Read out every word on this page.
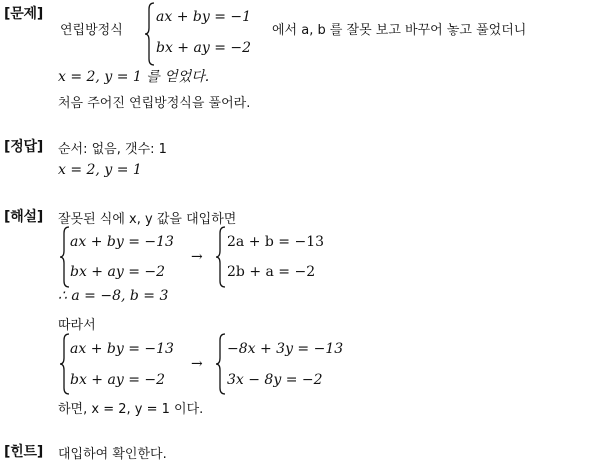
[문제]
연립방정식
ax + by = −1
bx + ay = −2
에서 a, b 를 잘못 보고 바꾸어 놓고 풀었더니
x = 2, y = 1 를 얻었다.
처음 주어진 연립방정식을 풀어라.
[정답] 순서: 없음, 갯수: 1
x = 2, y = 1
[해설] 잘못된 식에 x, y 값을 대입하면
ax + by = −13
bx + ay = −2
→
2a + b = −13
2b + a = −2
∴ a = −8, b = 3
따라서
ax + by = −13
bx + ay = −2
→
−8x + 3y = −13
3x − 8y = −2
하면, x = 2, y = 1 이다.
[힌트] 대입하여 확인한다.
